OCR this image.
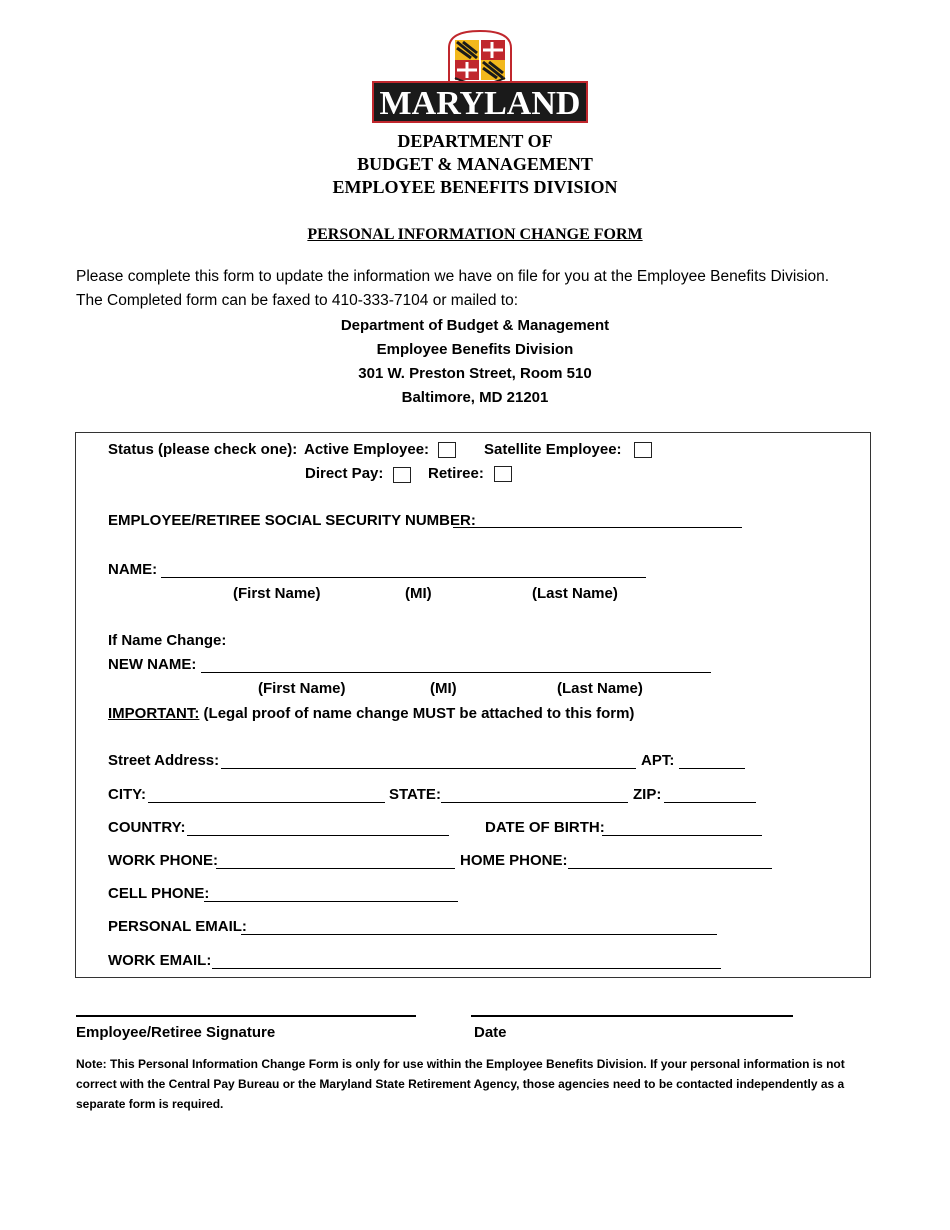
MARYLAND
DEPARTMENT OF
BUDGET & MANAGEMENT
EMPLOYEE BENEFITS DIVISION
PERSONAL INFORMATION CHANGE FORM
Please complete this form to update the information we have on file for you at the Employee Benefits Division.
The Completed form can be faxed to 410-333-7104 or mailed to:
Department of Budget & Management
Employee Benefits Division
301 W. Preston Street, Room 510
Baltimore, MD 21201
Status (please check one): Active Employee:	Satellite Employee:
Direct Pay:	Retiree:
EMPLOYEE/RETIREE SOCIAL SECURITY NUMBER:
NAME:
(First Name)	(MI)	(Last Name)
If Name Change:
NEW NAME:
(First Name)	(MI)	(Last Name)
IMPORTANT: (Legal proof of name change MUST be attached to this form)
Street Address:	APT:
CITY:	STATE:	ZIP:
COUNTRY:	DATE OF BIRTH:
WORK PHONE:	HOME PHONE:
CELL PHONE:
PERSONAL EMAIL:
WORK EMAIL:
Employee/Retiree Signature	Date
Note: This Personal Information Change Form is only for use within the Employee Benefits Division. If your personal information is not correct with the Central Pay Bureau or the Maryland State Retirement Agency, those agencies need to be contacted independently as a separate form is required.
